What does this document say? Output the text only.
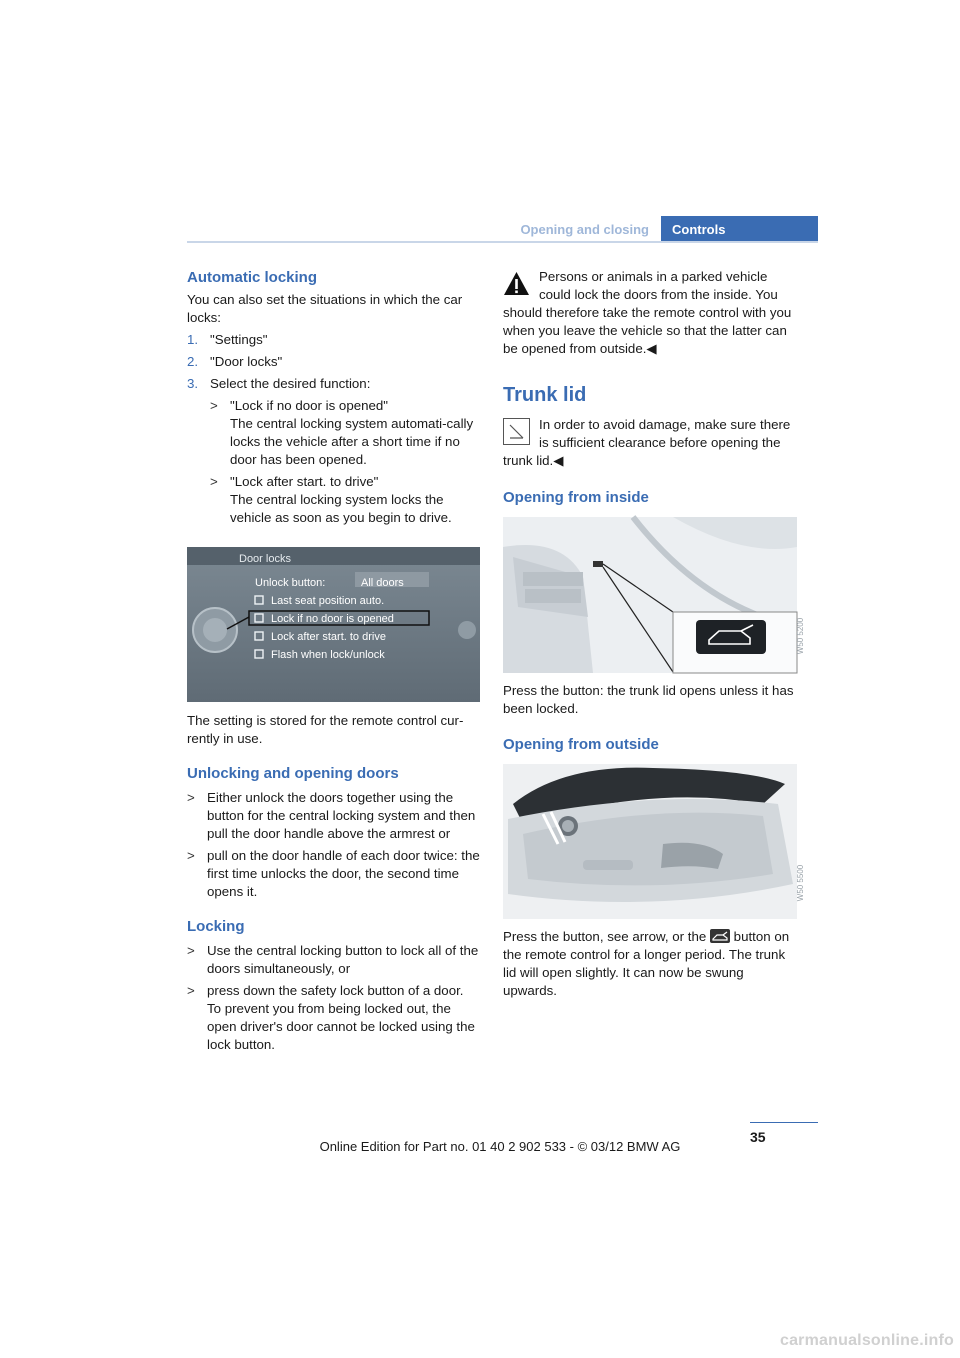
Opening and closing	Controls
Automatic locking

You can also set the situations in which the car locks:

1. "Settings"
2. "Door locks"
3. Select the desired function:
> "Lock if no door is opened"

The central locking system automati-cally locks the vehicle after a short time if no door has been opened.

> "Lock after start. to drive"

The central locking system locks the vehicle as soon as you begin to drive.

Door locks
Unlock button:	All doors
Last seat position auto.
Lock if no door is opened
Lock after start. to drive
Flash when lock/unlock

The setting is stored for the remote control cur-rently in use.

Unlocking and opening doors
> Either unlock the doors together using the button for the central locking system and then pull the door handle above the armrest or

> pull on the door handle of each door twice: the first time unlocks the door, the second time opens it.

Locking
> Use the central locking button to lock all of the doors simultaneously, or

> press down the safety lock button of a door. To prevent you from being locked out, the open driver's door cannot be locked using the lock button.

Persons or animals in a parked vehicle could lock the doors from the inside. You

should therefore take the remote control with you when you leave the vehicle so that the latter can be opened from outside.◀

Trunk lid

In order to avoid damage, make sure there is sufficient clearance before opening the

trunk lid.◀

Opening from inside
W50 5200

Press the button: the trunk lid opens unless it has been locked.

Opening from outside
W50 5500

Press the button, see arrow, or the button on the remote control for a longer period. The trunk lid will open slightly. It can now be swung upwards.

35
Online Edition for Part no. 01 40 2 902 533 - © 03/12 BMW AG
carmanualsonline.info
